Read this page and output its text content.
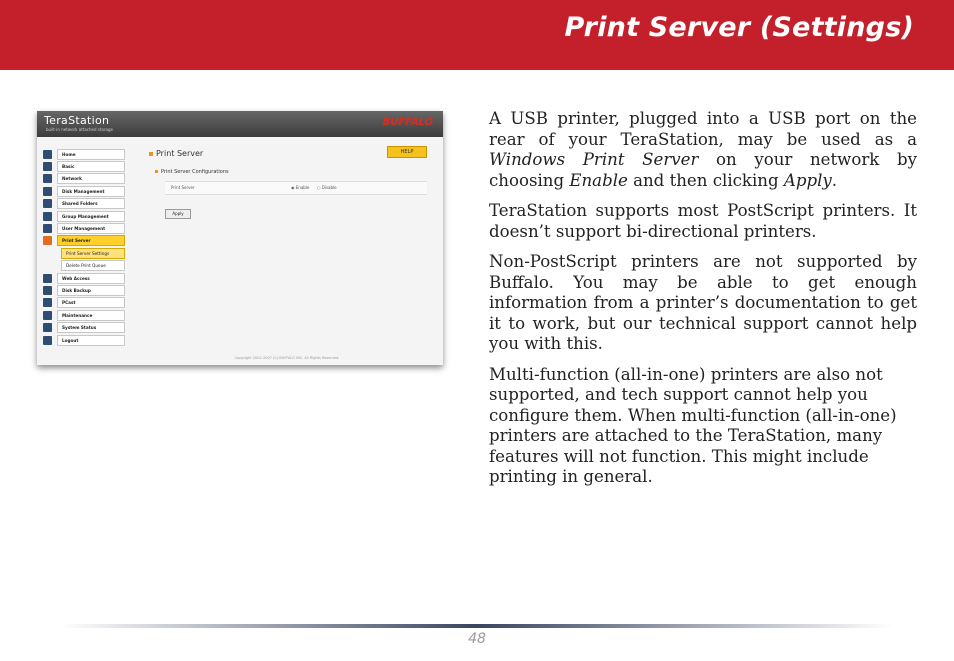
Print Server (Settings)
TeraStation
built-in network attached storage
BUFFALO
Home
Basic
Network
Disk Management
Shared Folders
Group Management
User Management
Print Server
Print Server Settings
Delete Print Queue
Web Access
Disk Backup
PCast
Maintenance
System Status
Logout
Print Server	HELP
Print Server Configurations
Print Server	◉ Enable ○ Disable
Apply
Copyright 2002-2007 (C) BUFFALO INC. All Rights Reserved.

A USB printer, plugged into a USB port on the rear of your TeraStation, may be used as a Windows Print Server on your network by choosing Enable and then clicking Apply.

TeraStation supports most PostScript printers. It doesn’t support bi-directional printers.

Non-PostScript printers are not supported by Buffalo. You may be able to get enough information from a printer’s documentation to get it to work, but our technical support cannot help you with this.

Multi-function (all-in-one) printers are also not supported, and tech support cannot help you configure them. When multi-function (all-in-one) printers are attached to the TeraStation, many features will not function. This might include printing in general.

48
